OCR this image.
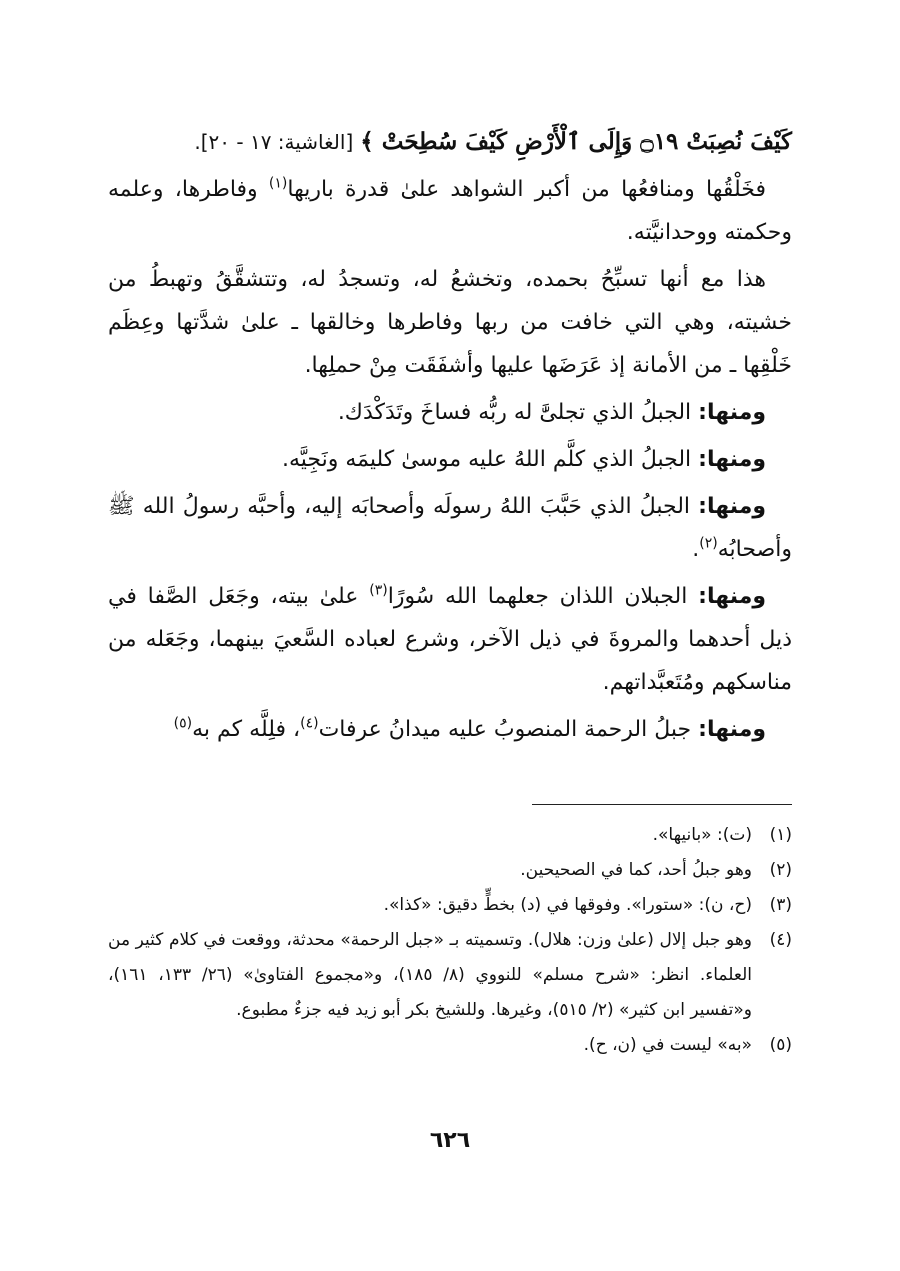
كَيْفَ نُصِبَتْ ۝١٩ وَإِلَى ٱلْأَرْضِ كَيْفَ سُطِحَتْ ﴾ [الغاشية: ١٧ - ٢٠].

فخَلْقُها ومنافعُها من أكبر الشواهد علىٰ قدرة باريها$^{(١)}$ وفاطرها، وعلمه وحكمته ووحدانيَّته.

هذا مع أنها تسبِّحُ بحمده، وتخشعُ له، وتسجدُ له، وتتشقَّقُ وتهبطُ من خشيته، وهي التي خافت من ربها وفاطرها وخالقها ـ علىٰ شدَّتها وعِظَم خَلْقِها ـ من الأمانة إذ عَرَضَها عليها وأشفَقَت مِنْ حملِها.

ومنها: الجبلُ الذي تجلىَّٰ له ربُّه فساخَ وتَدَكْدَك.

ومنها: الجبلُ الذي كلَّم اللهُ عليه موسىٰ كليمَه ونَجِيَّه.

ومنها: الجبلُ الذي حَبَّبَ اللهُ رسولَه وأصحابَه إليه، وأحبَّه رسولُ الله ﷺ وأصحابُه$^{(٢)}$.

ومنها: الجبلان اللذان جعلهما الله سُورًا$^{(٣)}$ علىٰ بيته، وجَعَل الصَّفا في ذيل أحدهما والمروةَ في ذيل الآخر، وشرع لعباده السَّعيَ بينهما، وجَعَله من مناسكهم ومُتَعبَّداتهم.

ومنها: جبلُ الرحمة المنصوبُ عليه ميدانُ عرفات$^{(٤)}$، فلِلَّه كم به$^{(٥)}$

(١)
(ت): «بانيها».
(٢)
وهو جبلُ أحد، كما في الصحيحين.
(٣)
(ح، ن): «ستورا». وفوقها في (د) بخطٍّ دقيق: «كذا».
(٤)
وهو جبل إلال (علىٰ وزن: هلال). وتسميته بـ «جبل الرحمة» محدثة، ووقعت في كلام كثير من العلماء. انظر: «شرح مسلم» للنووي (٨/ ١٨٥)، و«مجموع الفتاوىٰ» (٢٦/ ١٣٣، ١٦١)، و«تفسير ابن كثير» (٢/ ٥١٥)، وغيرها. وللشيخ بكر أبو زيد فيه جزءٌ مطبوع.
(٥)
«به» ليست في (ن، ح).
٦٢٦
